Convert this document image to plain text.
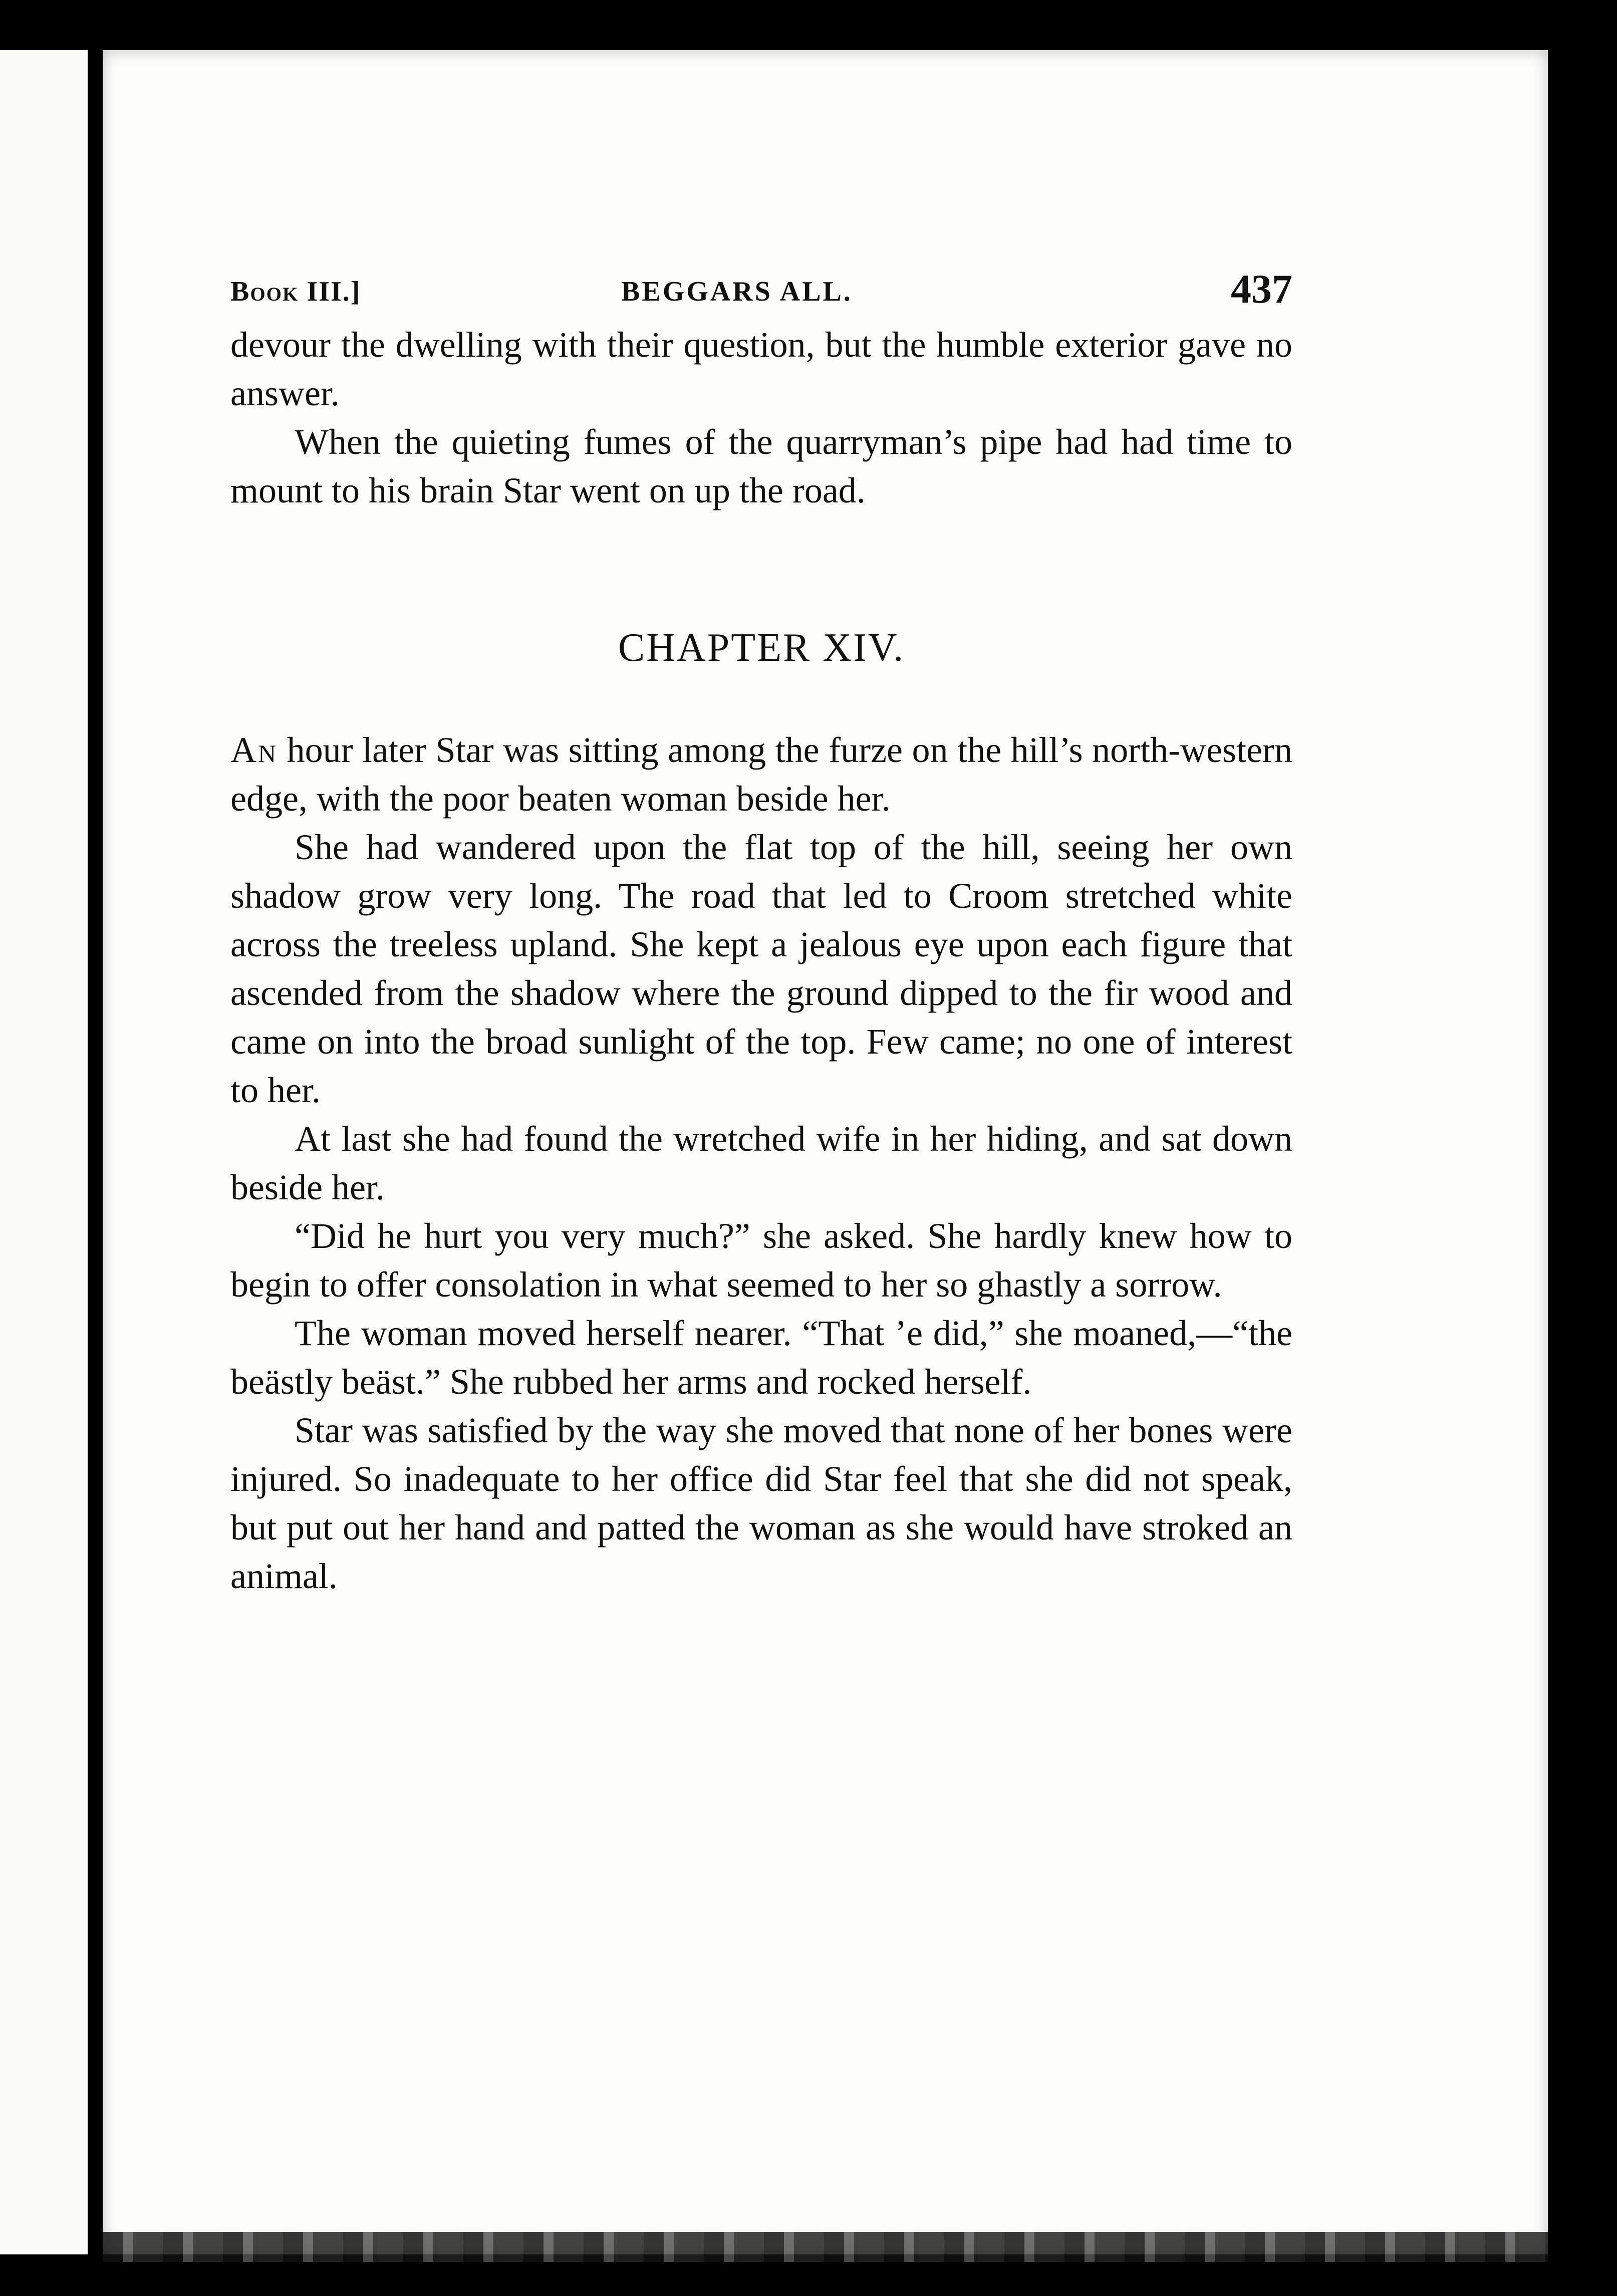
Book III.]	BEGGARS ALL.	437

devour the dwelling with their question, but the humble exterior gave no answer.

When the quieting fumes of the quarryman’s pipe had had time to mount to his brain Star went on up the road.

CHAPTER XIV.

An hour later Star was sitting among the furze on the hill’s north-western edge, with the poor beaten woman beside her.

She had wandered upon the flat top of the hill, seeing her own shadow grow very long. The road that led to Croom stretched white across the treeless upland. She kept a jealous eye upon each figure that ascended from the shadow where the ground dipped to the fir wood and came on into the broad sunlight of the top. Few came; no one of interest to her.

At last she had found the wretched wife in her hiding, and sat down beside her.

“Did he hurt you very much?” she asked. She hardly knew how to begin to offer consolation in what seemed to her so ghastly a sorrow.

The woman moved herself nearer. “That ’e did,” she moaned,—“the beästly beäst.” She rubbed her arms and rocked herself.

Star was satisfied by the way she moved that none of her bones were injured. So inadequate to her office did Star feel that she did not speak, but put out her hand and patted the woman as she would have stroked an animal.
